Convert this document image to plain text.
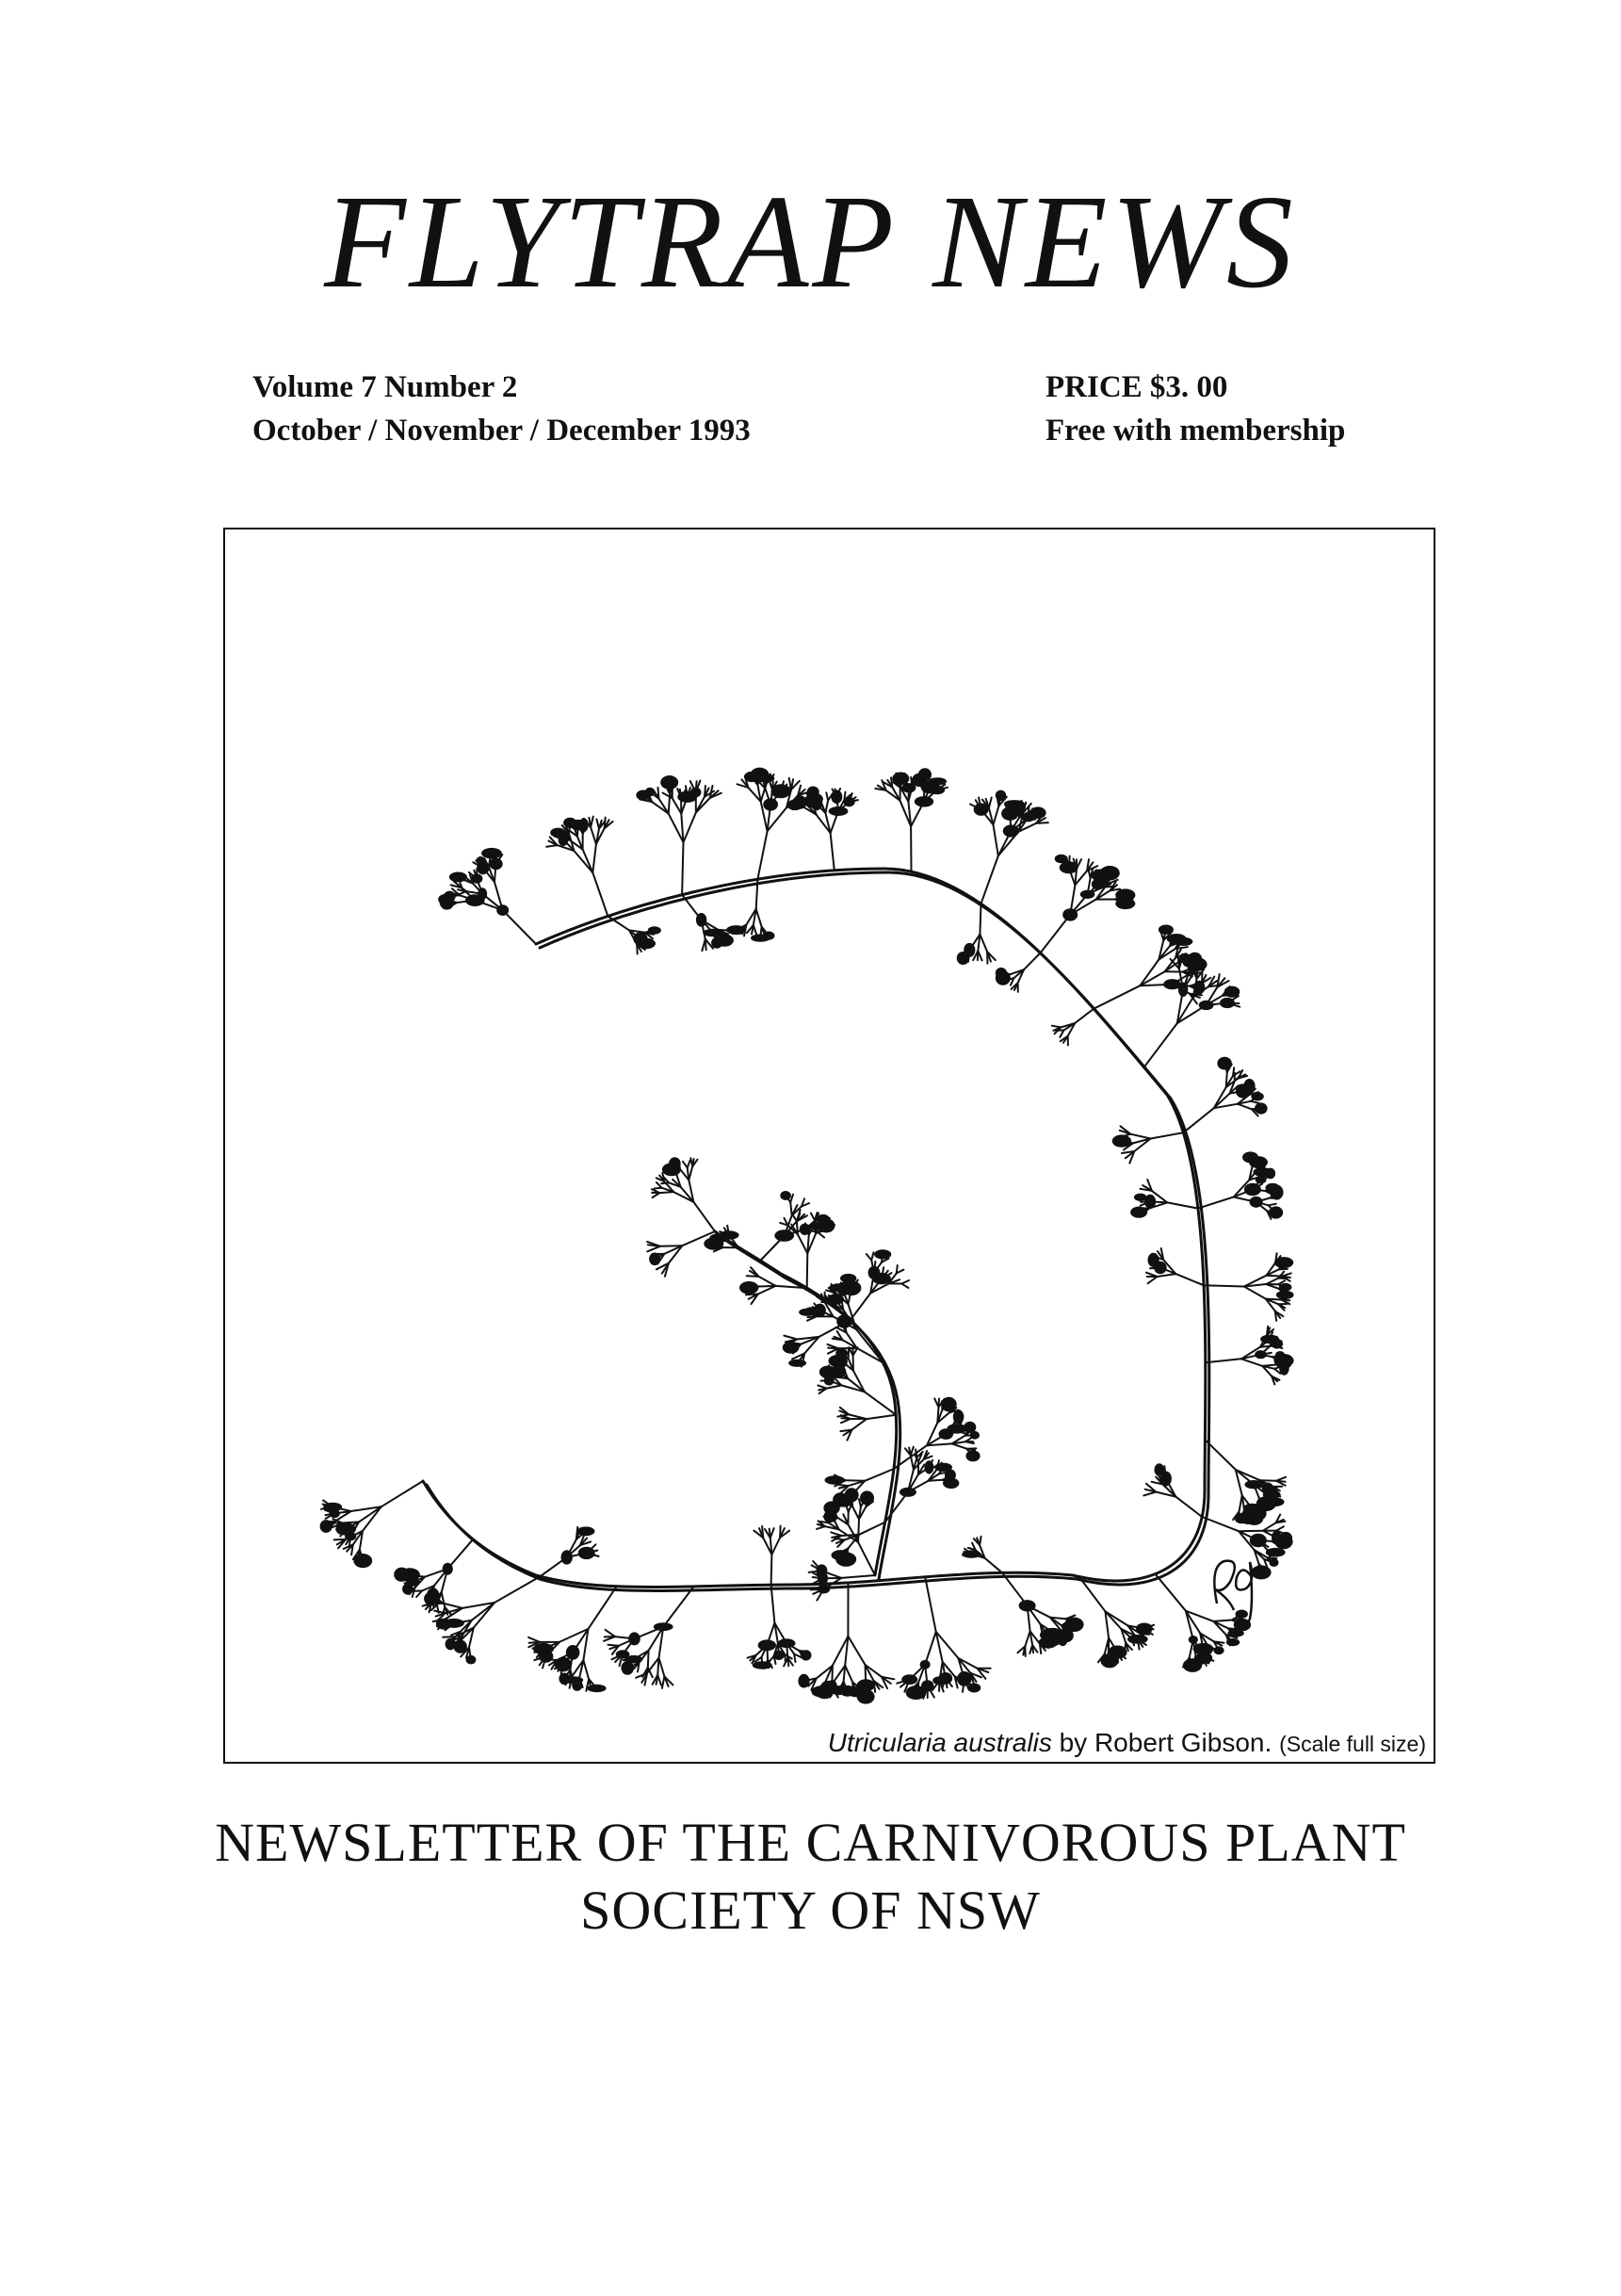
FLYTRAP NEWS
Volume 7 Number 2
October / November / December 1993
PRICE $3. 00
Free with membership
Utricularia australis by Robert Gibson. (Scale full size)
NEWSLETTER OF THE CARNIVOROUS PLANT
SOCIETY OF NSW
